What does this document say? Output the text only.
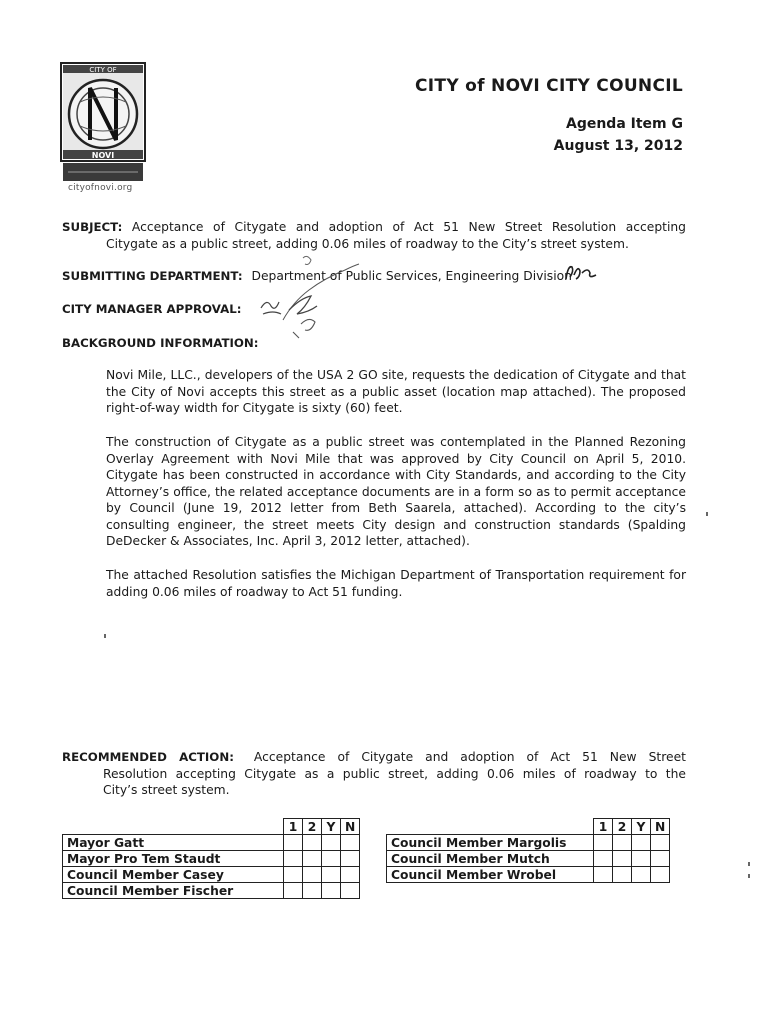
CITY OF
NOVI
cityofnovi.org
CITY of NOVI CITY COUNCIL
Agenda Item G
August 13, 2012
SUBJECT: Acceptance of Citygate and adoption of Act 51 New Street Resolution accepting
Citygate as a public street, adding 0.06 miles of roadway to the City’s street system.
SUBMITTING DEPARTMENT: Department of Public Services, Engineering Division
CITY MANAGER APPROVAL:
BACKGROUND INFORMATION:
Novi Mile, LLC., developers of the USA 2 GO site, requests the dedication of Citygate and that the City of Novi accepts this street as a public asset (location map attached). The proposed right-of-way width for Citygate is sixty (60) feet.
The construction of Citygate as a public street was contemplated in the Planned Rezoning Overlay Agreement with Novi Mile that was approved by City Council on April 5, 2010. Citygate has been constructed in accordance with City Standards, and according to the City Attorney’s office, the related acceptance documents are in a form so as to permit acceptance by Council (June 19, 2012 letter from Beth Saarela, attached). According to the city’s consulting engineer, the street meets City design and construction standards (Spalding DeDecker & Associates, Inc. April 3, 2012 letter, attached).
The attached Resolution satisfies the Michigan Department of Transportation requirement for adding 0.06 miles of roadway to Act 51 funding.
RECOMMENDED ACTION: Acceptance of Citygate and adoption of Act 51 New Street
Resolution accepting Citygate as a public street, adding 0.06 miles of roadway to the
City’s street system.
	1	2	Y	N
Mayor Gatt				
Mayor Pro Tem Staudt				
Council Member Casey				
Council Member Fischer				
	1	2	Y	N
Council Member Margolis				
Council Member Mutch				
Council Member Wrobel				
